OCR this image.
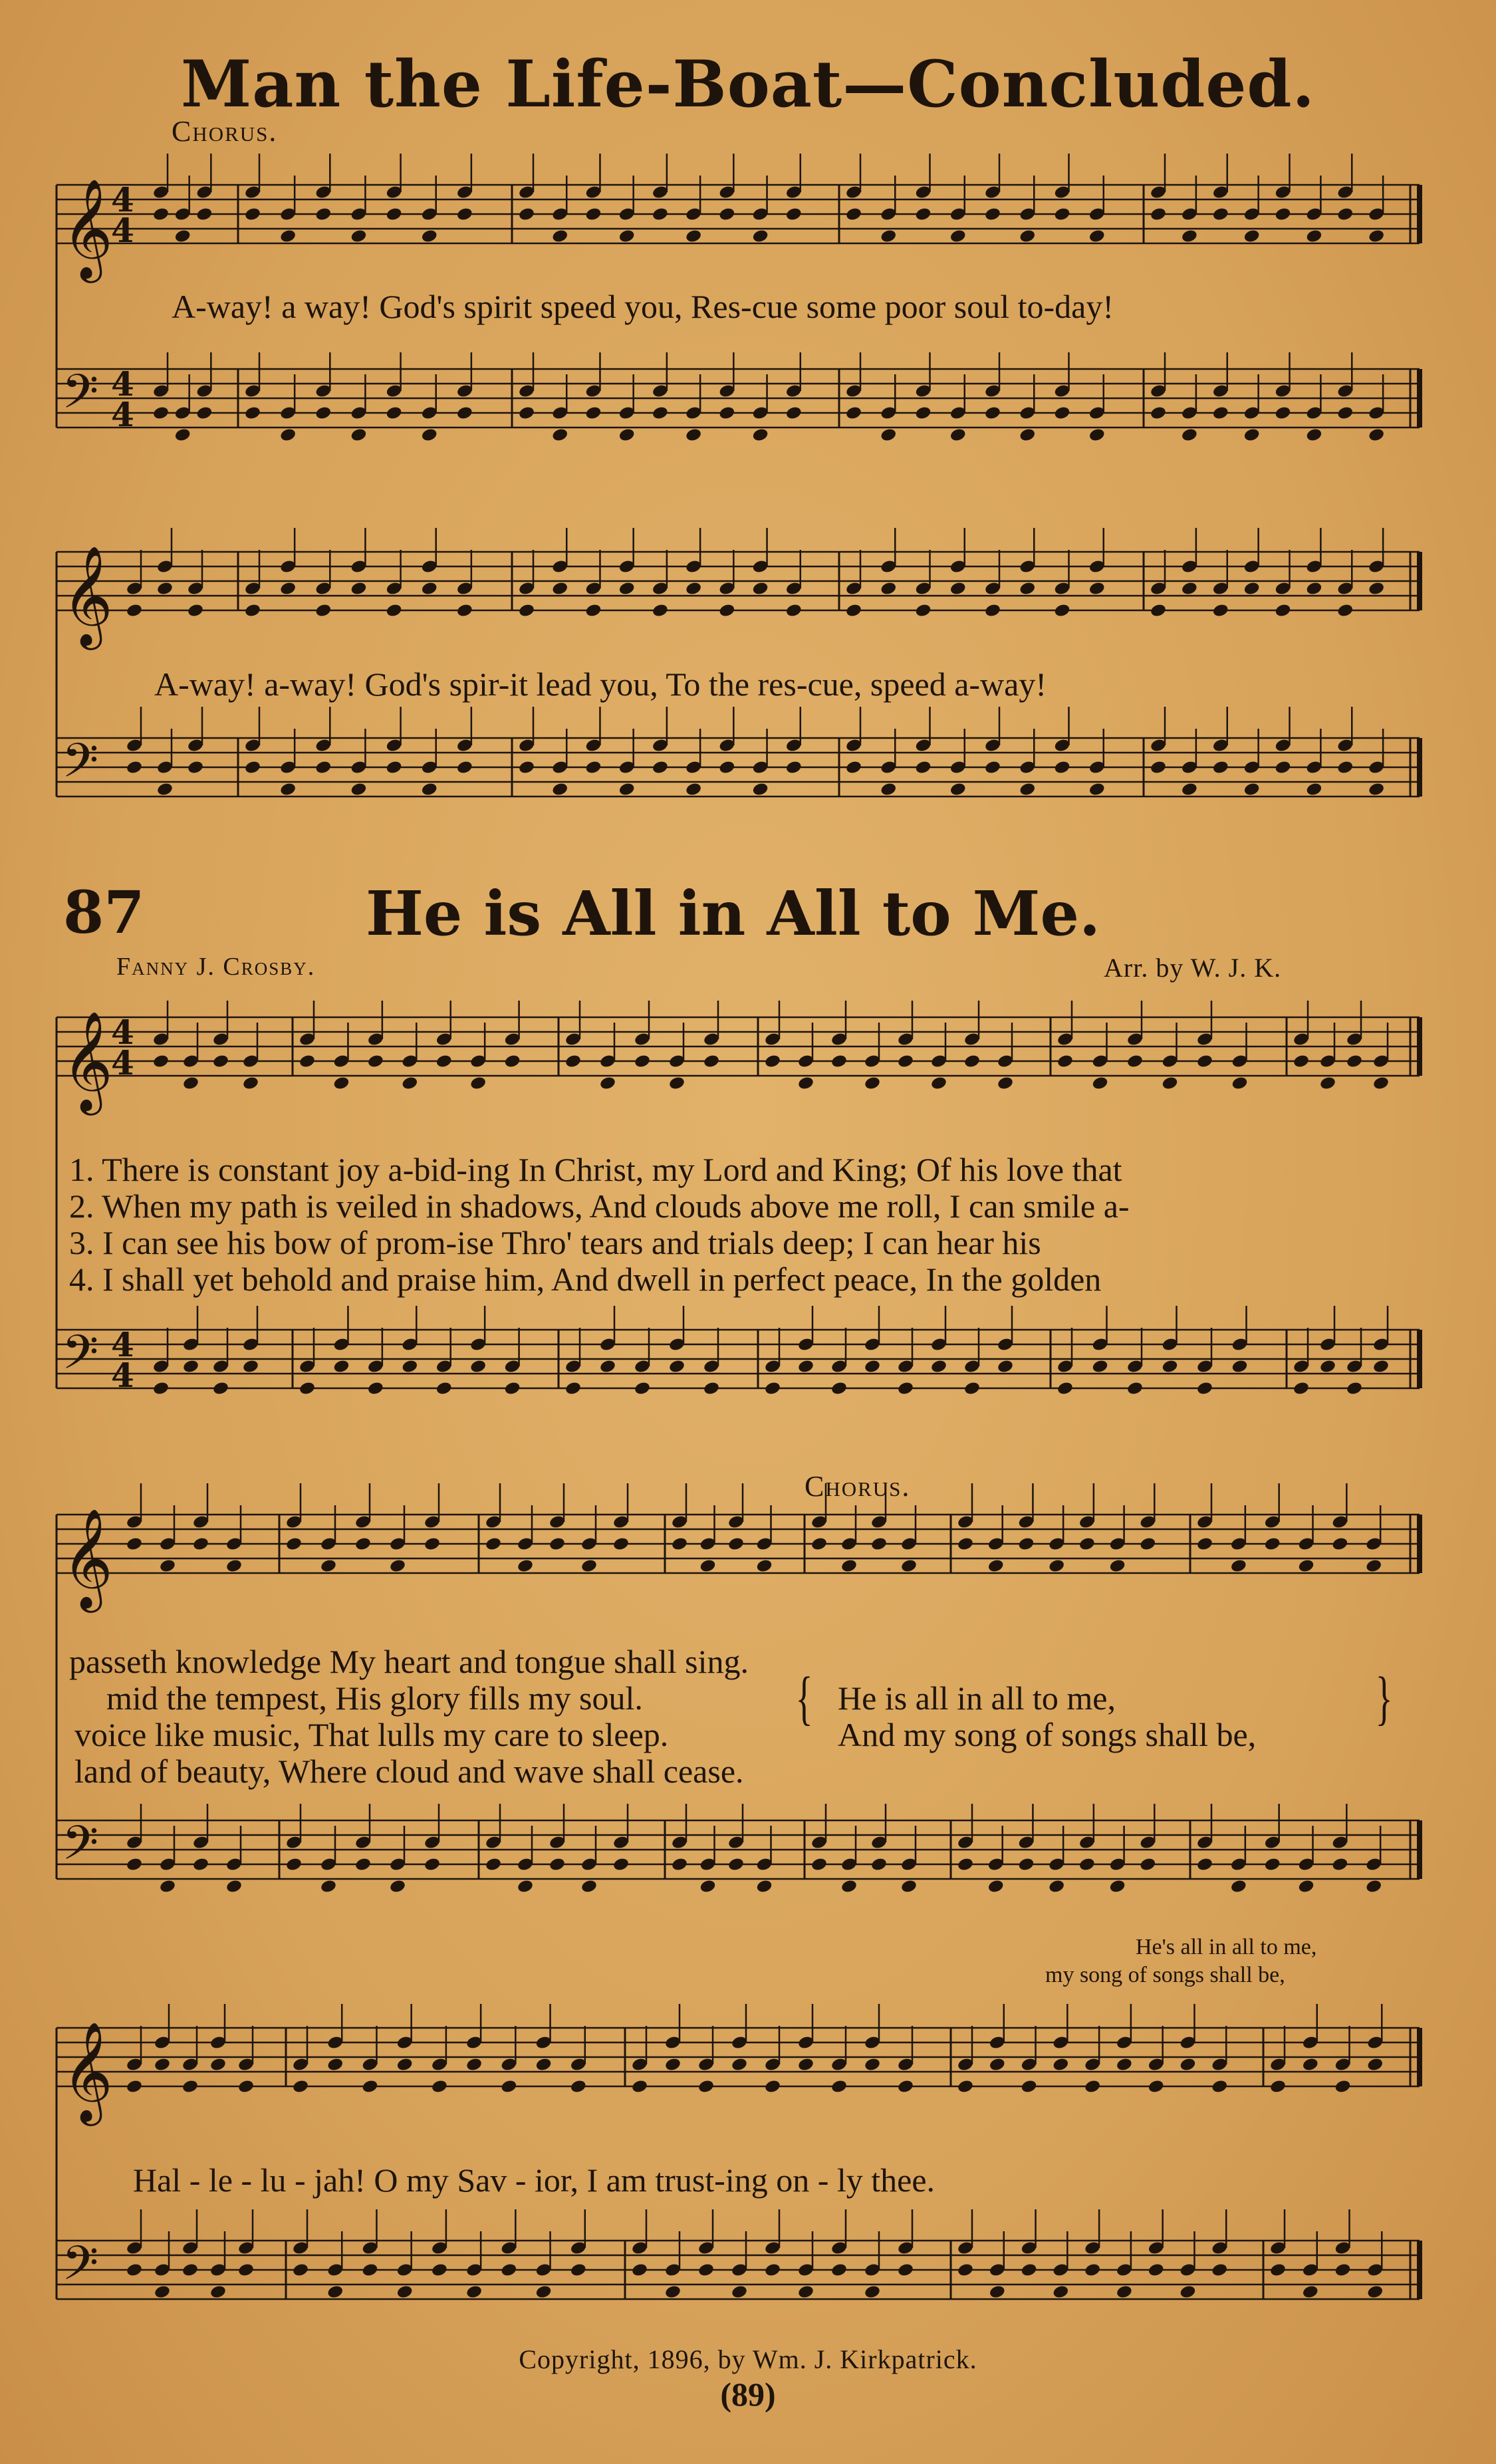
Man the Life-Boat—Concluded.
Chorus.
A-way! a way! God's spirit speed you, Res-cue some poor soul to-day!
A-way! a-way! God's spir-it lead you, To the res-cue, speed a-way!
87	He is All in All to Me.
Fanny J. Crosby.	Arr. by W. J. K.
1. There is constant joy a-bid-ing In Christ, my Lord and King; Of his love that
2. When my path is veiled in shadows, And clouds above me roll, I can smile a-
3. I can see his bow of prom-ise Thro' tears and trials deep; I can hear his
4. I shall yet behold and praise him, And dwell in perfect peace, In the golden
Chorus.
passeth knowledge My heart and tongue shall sing.
mid the tempest, His glory fills my soul.
voice like music, That lulls my care to sleep.
land of beauty, Where cloud and wave shall cease.
{ He is all in all to me,
And my song of songs shall be,
}
He's all in all to me,
my song of songs shall be,
Hal - le - lu - jah! O my Sav - ior, I am trust-ing on - ly thee.
Copyright, 1896, by Wm. J. Kirkpatrick.
(89)
𝄞
4
4
𝄢 4
4
𝄞
𝄢
𝄞
4
4
𝄢 4
4
𝄞
𝄢
𝄞
𝄢
